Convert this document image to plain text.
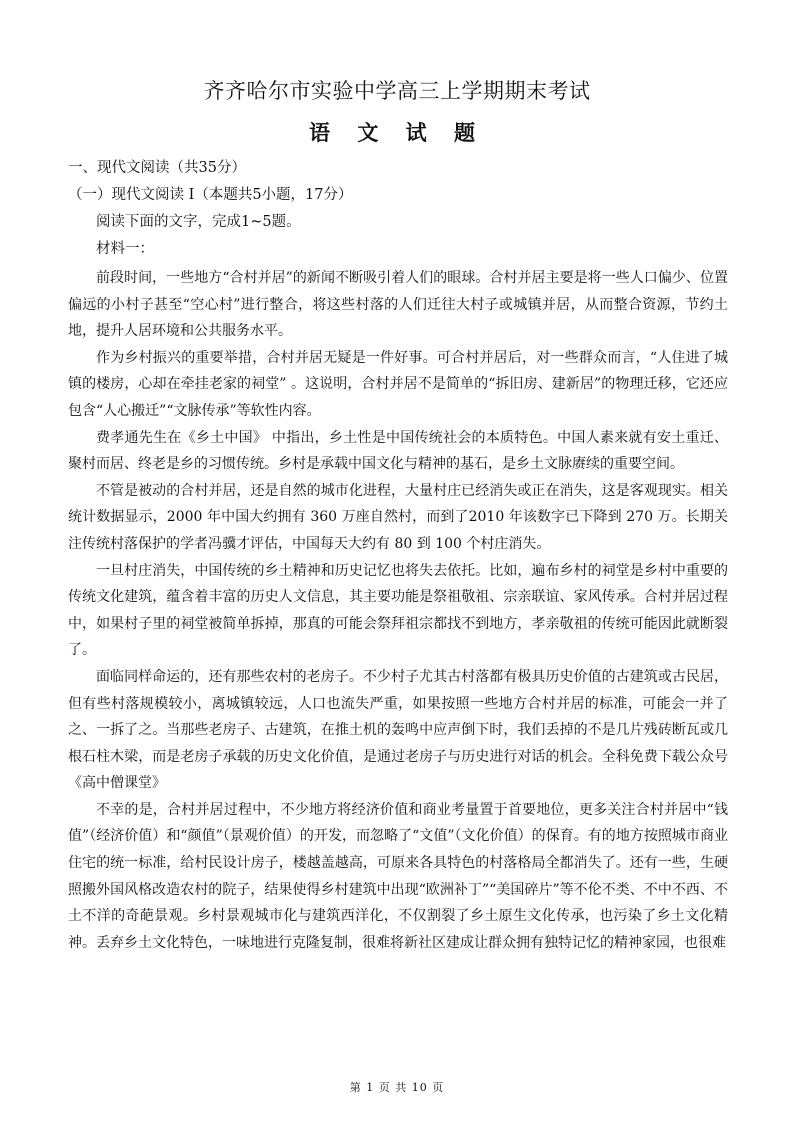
齐齐哈尔市实验中学高三上学期期末考试
语 文 试 题
一、现代文阅读（共35分）
（一）现代文阅读 Ⅰ（本题共5小题，17分）
阅读下面的文字，完成1~5题。
材料一：

前段时间，一些地方“合村并居”的新闻不断吸引着人们的眼球。合村并居主要是将一些人口偏少、位置偏远的小村子甚至“空心村”进行整合，将这些村落的人们迁往大村子或城镇并居，从而整合资源，节约土地，提升人居环境和公共服务水平。

作为乡村振兴的重要举措，合村并居无疑是一件好事。可合村并居后，对一些群众而言，“人住进了城镇的楼房，心却在牵挂老家的祠堂” 。这说明，合村并居不是简单的“拆旧房、建新居”的物理迁移，它还应包含“人心搬迁”“文脉传承”等软性内容。

费孝通先生在《乡土中国》 中指出，乡土性是中国传统社会的本质特色。中国人素来就有安土重迁、聚村而居、终老是乡的习惯传统。乡村是承载中国文化与精神的基石，是乡土文脉赓续的重要空间。

不管是被动的合村并居，还是自然的城市化进程，大量村庄已经消失或正在消失，这是客观现实。相关统计数据显示，2000 年中国大约拥有 360 万座自然村，而到了2010 年该数字已下降到 270 万。长期关注传统村落保护的学者冯骥才评估，中国每天大约有 80 到 100 个村庄消失。

一旦村庄消失，中国传统的乡土精神和历史记忆也将失去依托。比如，遍布乡村的祠堂是乡村中重要的传统文化建筑，蕴含着丰富的历史人文信息，其主要功能是祭祖敬祖、宗亲联谊、家风传承。合村并居过程中，如果村子里的祠堂被简单拆掉，那真的可能会祭拜祖宗都找不到地方，孝亲敬祖的传统可能因此就断裂了。

面临同样命运的，还有那些农村的老房子。不少村子尤其古村落都有极具历史价值的古建筑或古民居，但有些村落规模较小，离城镇较远，人口也流失严重，如果按照一些地方合村并居的标准，可能会一并了之、一拆了之。当那些老房子、古建筑，在推土机的轰鸣中应声倒下时，我们丢掉的不是几片残砖断瓦或几根石柱木梁，而是老房子承载的历史文化价值，是通过老房子与历史进行对话的机会。全科免费下载公众号《高中僧课堂》

不幸的是，合村并居过程中，不少地方将经济价值和商业考量置于首要地位，更多关注合村并居中“钱值”（经济价值）和“颜值”（景观价值）的开发，而忽略了“文值”（文化价值）的保育。有的地方按照城市商业住宅的统一标准，给村民设计房子，楼越盖越高，可原来各具特色的村落格局全都消失了。还有一些，生硬照搬外国风格改造农村的院子，结果使得乡村建筑中出现“欧洲补丁”“美国碎片”等不伦不类、不中不西、不土不洋的奇葩景观。乡村景观城市化与建筑西洋化，不仅割裂了乡土原生文化传承，也污染了乡土文化精神。丢弃乡土文化特色，一味地进行克隆复制，很难将新社区建成让群众拥有独特记忆的精神家园，也很难

第 1 页 共 10 页
